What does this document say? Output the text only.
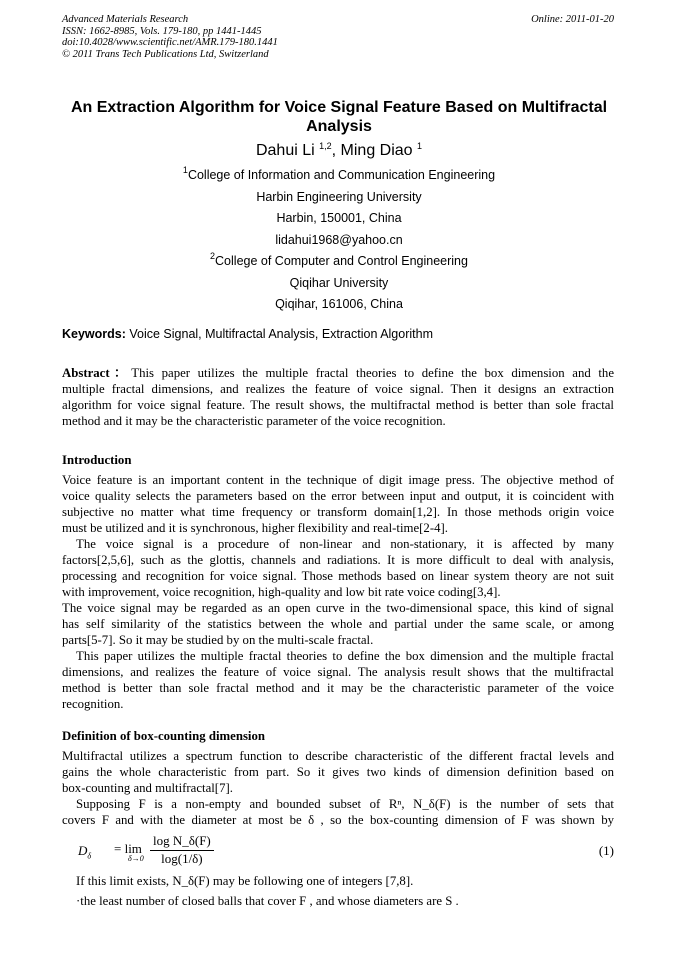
Advanced Materials Research
ISSN: 1662-8985, Vols. 179-180, pp 1441-1445
doi:10.4028/www.scientific.net/AMR.179-180.1441
© 2011 Trans Tech Publications Ltd, Switzerland
Online: 2011-01-20
An Extraction Algorithm for Voice Signal Feature Based on Multifractal
Analysis
Dahui Li $^{1,2}$, Ming Diao $^1$
$^1$College of Information and Communication Engineering
Harbin Engineering University
Harbin, 150001, China
lidahui1968@yahoo.cn
$^2$College of Computer and Control Engineering
Qiqihar University
Qiqihar, 161006, China
Keywords: Voice Signal, Multifractal Analysis, Extraction Algorithm
Abstract：This paper utilizes the multiple fractal theories to define the box dimension and the
multiple fractal dimensions, and realizes the feature of voice signal. Then it designs an extraction
algorithm for voice signal feature. The result shows, the multifractal method is better than sole fractal
method and it may be the characteristic parameter of the voice recognition.
Introduction
Voice feature is an important content in the technique of digit image press. The objective method of
voice quality selects the parameters based on the error between input and output, it is coincident with
subjective no matter what time frequency or transform domain[1,2]. In those methods origin voice
must be utilized and it is synchronous, higher flexibility and real-time[2-4].
The voice signal is a procedure of non-linear and non-stationary, it is affected by many
factors[2,5,6], such as the glottis, channels and radiations. It is more difficult to deal with analysis,
processing and recognition for voice signal. Those methods based on linear system theory are not suit
with improvement, voice recognition, high-quality and low bit rate voice coding[3,4].
The voice signal may be regarded as an open curve in the two-dimensional space, this kind of signal
has self similarity of the statistics between the whole and partial under the same scale, or among
parts[5-7]. So it may be studied by on the multi-scale fractal.
This paper utilizes the multiple fractal theories to define the box dimension and the multiple fractal
dimensions, and realizes the feature of voice signal. The analysis result shows that the multifractal
method is better than sole fractal method and it may be the characteristic parameter of the voice
recognition.
Definition of box-counting dimension
Multifractal utilizes a spectrum function to describe characteristic of the different fractal levels and
gains the whole characteristic from part. So it gives two kinds of dimension definition based on
box-counting and multifractal[7].
Supposing F is a non-empty and bounded subset of Rⁿ, N_δ(F) is the number of sets that
covers F and with the diameter at most be δ , so the box-counting dimension of F was shown by
$D_\delta$
= lim
$\delta\to 0 \frac{\text{log N\_δ(F)}}{\log(1/\delta)}$	(1)
If this limit exists, N_δ(F) may be following one of integers [7,8].
·the least number of closed balls that cover F , and whose diameters are S .
